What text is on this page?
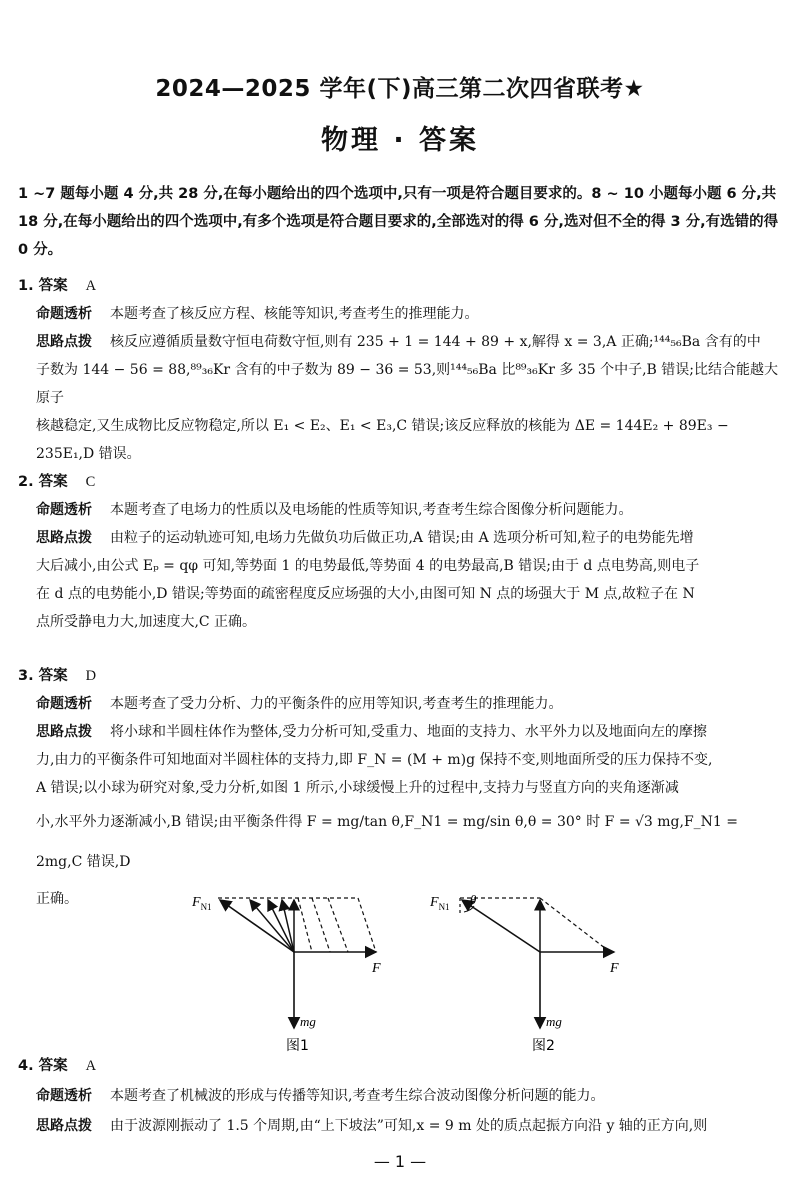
2024—2025 学年(下)高三第二次四省联考★
物理 · 答案
1 ~7 题每小题 4 分,共 28 分,在每小题给出的四个选项中,只有一项是符合题目要求的。8 ~ 10 小题每小题 6 分,共 18 分,在每小题给出的四个选项中,有多个选项是符合题目要求的,全部选对的得 6 分,选对但不全的得 3 分,有选错的得 0 分。
1. 答案 A
命题透析 本题考查了核反应方程、核能等知识,考查考生的推理能力。
思路点拨 核反应遵循质量数守恒电荷数守恒,则有 235 + 1 = 144 + 89 + x,解得 x = 3,A 正确;¹⁴⁴₅₆Ba 含有的中
子数为 144 − 56 = 88,⁸⁹₃₆Kr 含有的中子数为 89 − 36 = 53,则¹⁴⁴₅₆Ba 比⁸⁹₃₆Kr 多 35 个中子,B 错误;比结合能越大原子
核越稳定,又生成物比反应物稳定,所以 E₁ < E₂、E₁ < E₃,C 错误;该反应释放的核能为 ΔE = 144E₂ + 89E₃ −
235E₁,D 错误。
2. 答案 C
命题透析 本题考查了电场力的性质以及电场能的性质等知识,考查考生综合图像分析问题能力。
思路点拨 由粒子的运动轨迹可知,电场力先做负功后做正功,A 错误;由 A 选项分析可知,粒子的电势能先增
大后减小,由公式 Eₚ = qφ 可知,等势面 1 的电势最低,等势面 4 的电势最高,B 错误;由于 d 点电势高,则电子
在 d 点的电势能小,D 错误;等势面的疏密程度反应场强的大小,由图可知 N 点的场强大于 M 点,故粒子在 N
点所受静电力大,加速度大,C 正确。
3. 答案 D
命题透析 本题考查了受力分析、力的平衡条件的应用等知识,考查考生的推理能力。
思路点拨 将小球和半圆柱体作为整体,受力分析可知,受重力、地面的支持力、水平外力以及地面向左的摩擦
力,由力的平衡条件可知地面对半圆柱体的支持力,即 F_N = (M + m)g 保持不变,则地面所受的压力保持不变,
A 错误;以小球为研究对象,受力分析,如图 1 所示,小球缓慢上升的过程中,支持力与竖直方向的夹角逐渐减
小,水平外力逐渐减小,B 错误;由平衡条件得 F = mg/tan θ,F_N1 = mg/sin θ,θ = 30° 时 F = √3 mg,F_N1 = 2mg,C 错误,D
正确。	$F_{N1}$
F
mg
图1
$F_{N1}$ θ
F
mg
图2
4. 答案 A
命题透析 本题考查了机械波的形成与传播等知识,考查考生综合波动图像分析问题的能力。
思路点拨 由于波源刚振动了 1.5 个周期,由“上下坡法”可知,x = 9 m 处的质点起振方向沿 y 轴的正方向,则
— 1 —
